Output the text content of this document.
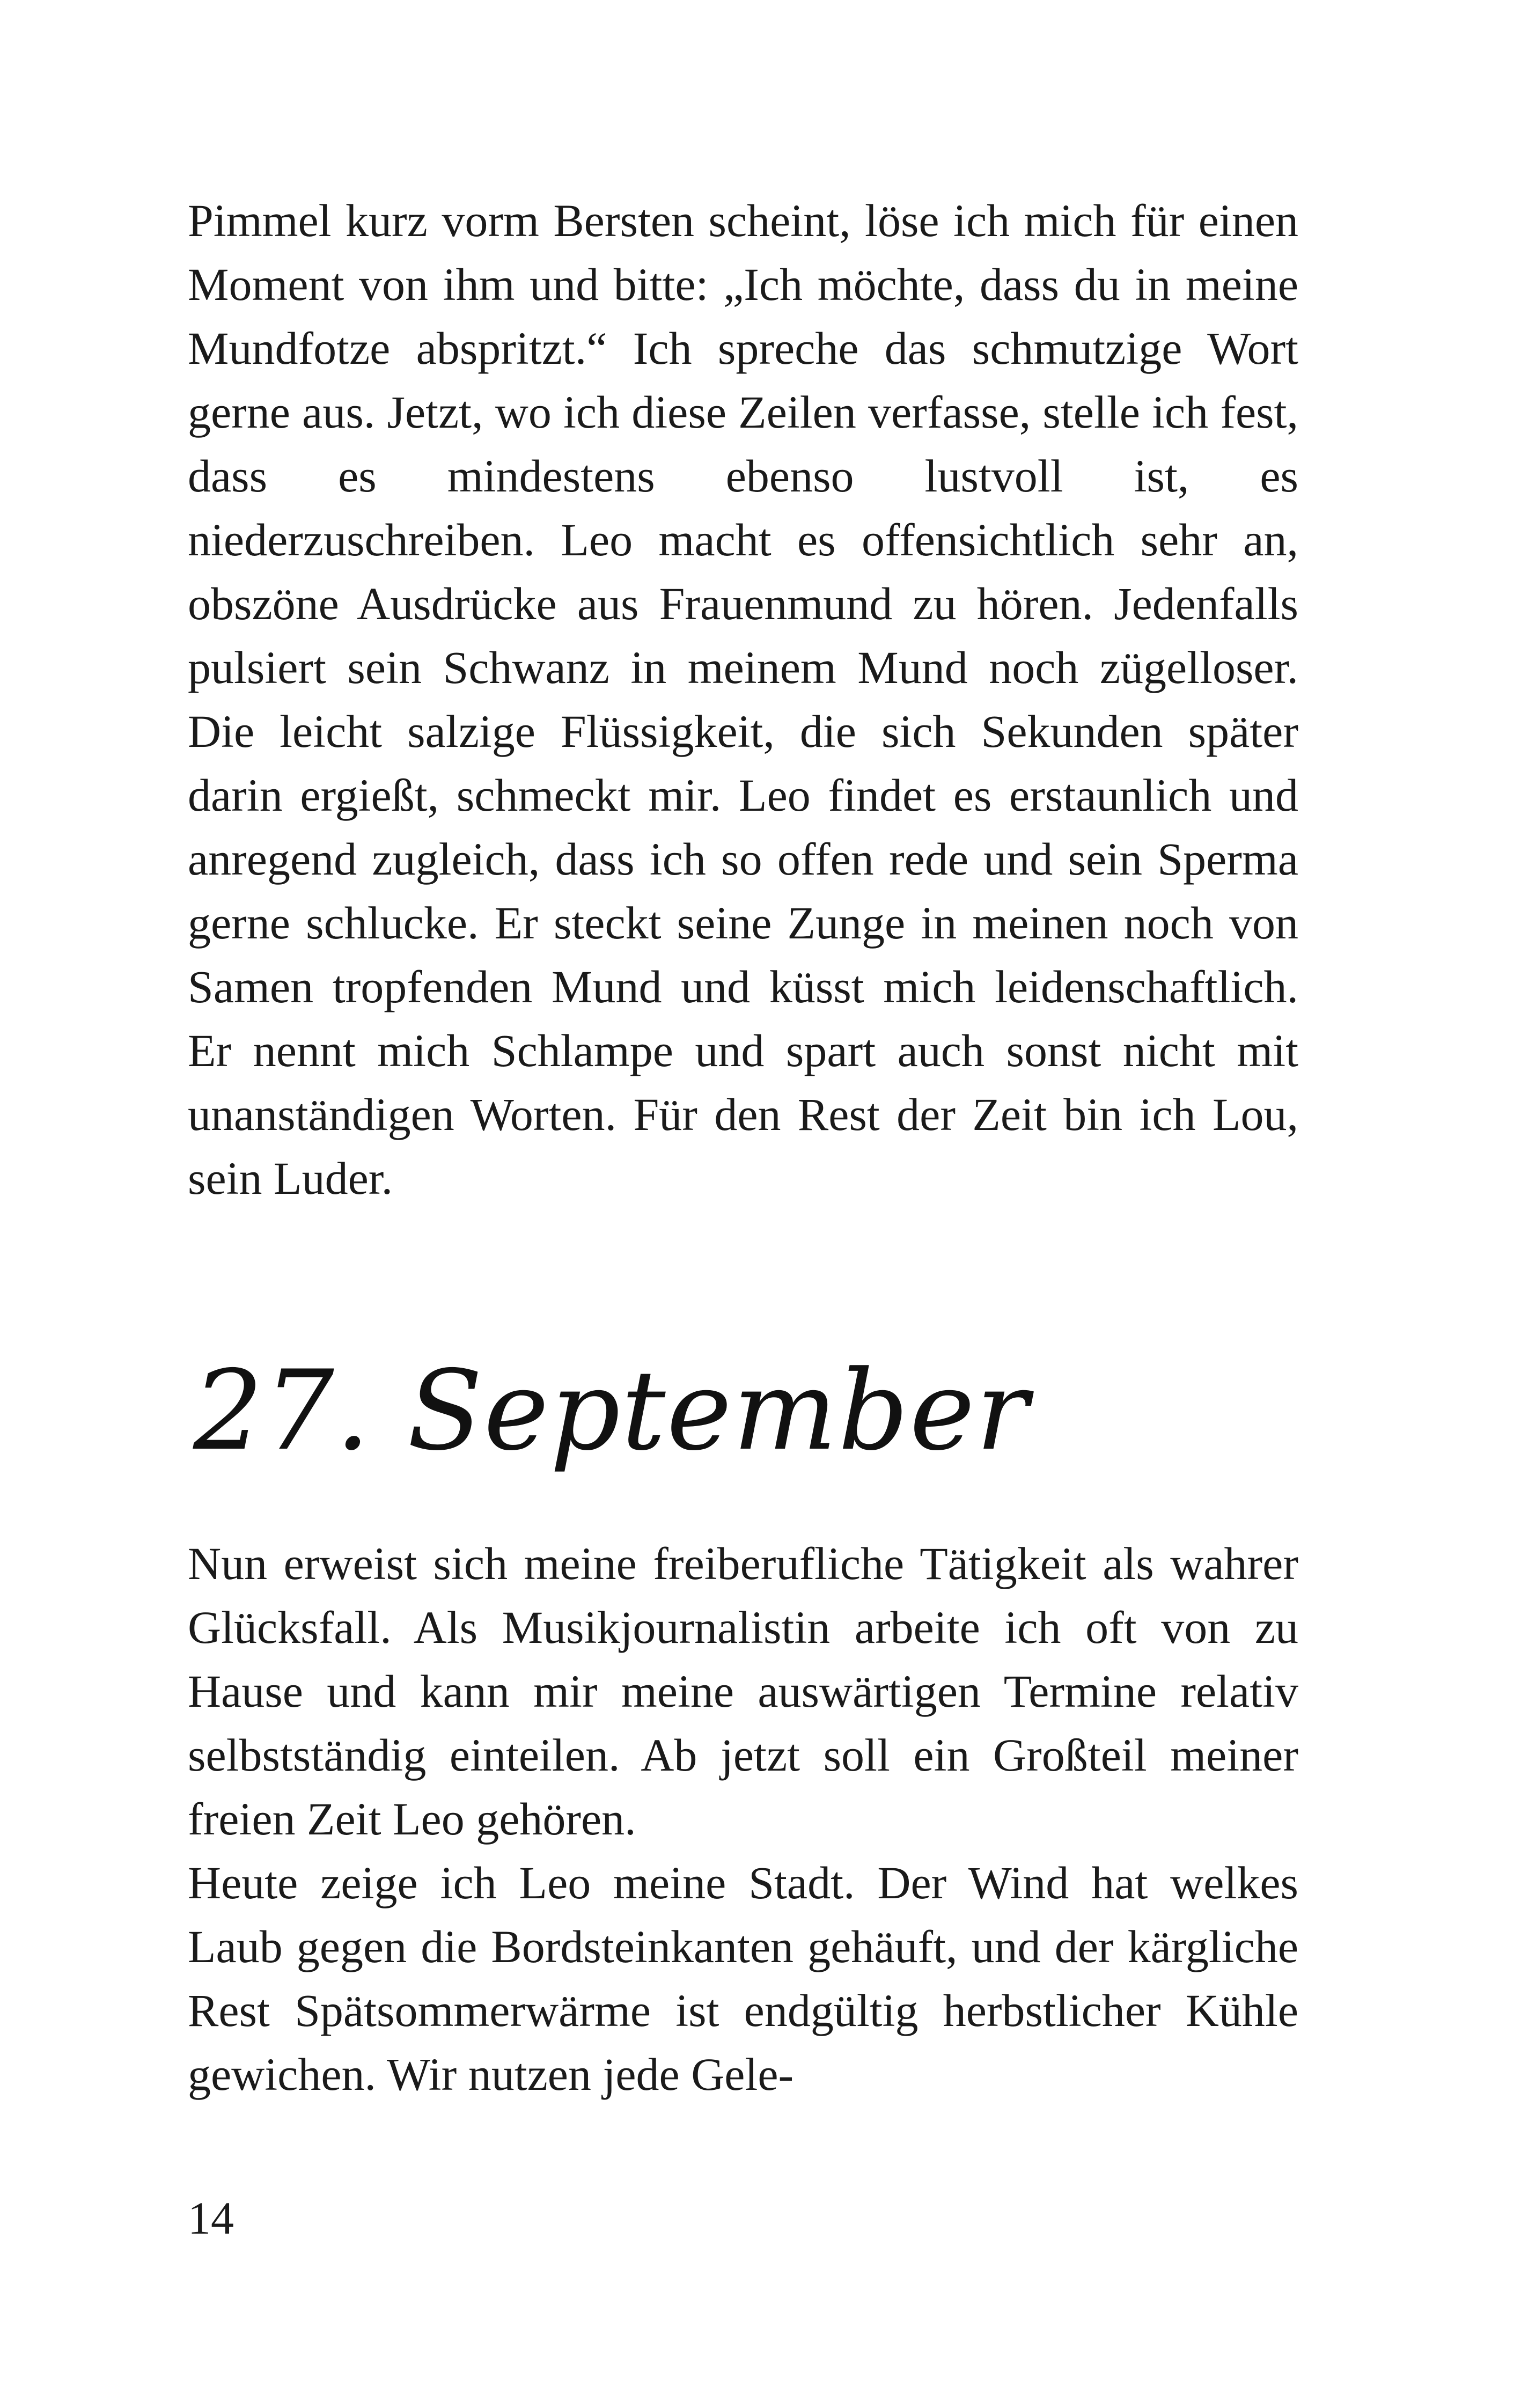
Pimmel kurz vorm Bersten scheint, löse ich mich für einen Moment von ihm und bitte: „Ich möchte, dass du in meine Mundfotze abspritzt.“ Ich spreche das schmutzige Wort gerne aus. Jetzt, wo ich diese Zeilen verfasse, stelle ich fest, dass es mindestens ebenso lustvoll ist, es niederzuschreiben. Leo macht es offensichtlich sehr an, obszöne Ausdrücke aus Frauenmund zu hören. Jedenfalls pulsiert sein Schwanz in meinem Mund noch zügelloser. Die leicht salzige Flüssigkeit, die sich Sekunden später darin ergießt, schmeckt mir. Leo findet es erstaunlich und anregend zugleich, dass ich so offen rede und sein Sperma gerne schlucke. Er steckt seine Zunge in meinen noch von Samen tropfenden Mund und küsst mich leidenschaftlich. Er nennt mich Schlampe und spart auch sonst nicht mit unanständigen Worten. Für den Rest der Zeit bin ich Lou, sein Luder.

27. September

Nun erweist sich meine freiberufliche Tätigkeit als wahrer Glücksfall. Als Musikjournalistin arbeite ich oft von zu Hause und kann mir meine auswärtigen Termine relativ selbstständig einteilen. Ab jetzt soll ein Großteil meiner freien Zeit Leo gehören.

Heute zeige ich Leo meine Stadt. Der Wind hat welkes Laub gegen die Bordsteinkanten gehäuft, und der kärgliche Rest Spätsommerwärme ist endgültig herbstlicher Kühle gewichen. Wir nutzen jede Gele-

14
